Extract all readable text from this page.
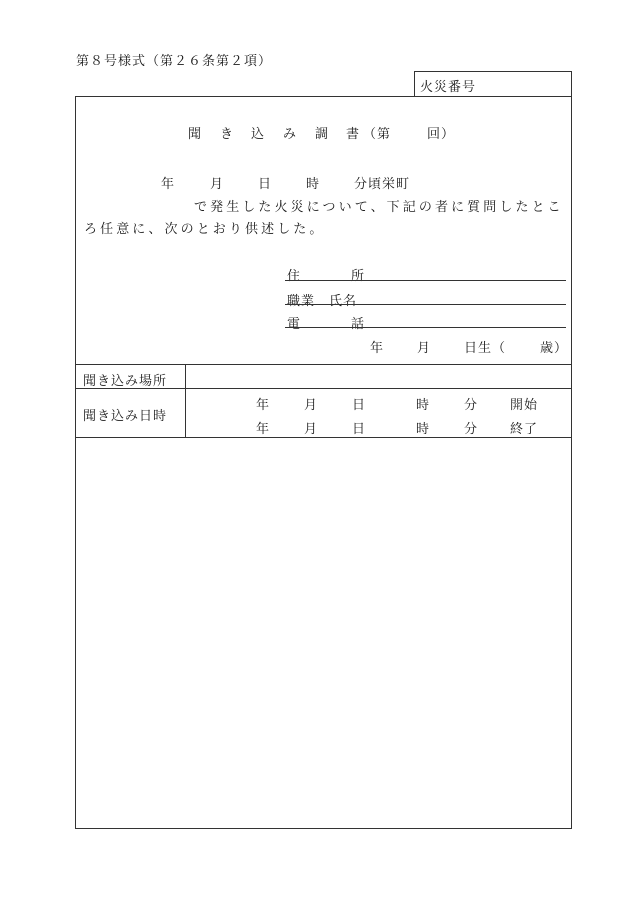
第８号様式（第２６条第２項）
火災番号
聞 き 込 み 調 書 （第	回）
年	月	日	時	分頃栄町
で発生した火災について、下記の者に質問したとこ
ろ任意に、次のとおり供述した。
住	所
職業　氏名
電	話
年	月	日生（	歳）
聞き込み場所
聞き込み日時
年	月	日	時	分 開始
年	月	日	時	分 終了
